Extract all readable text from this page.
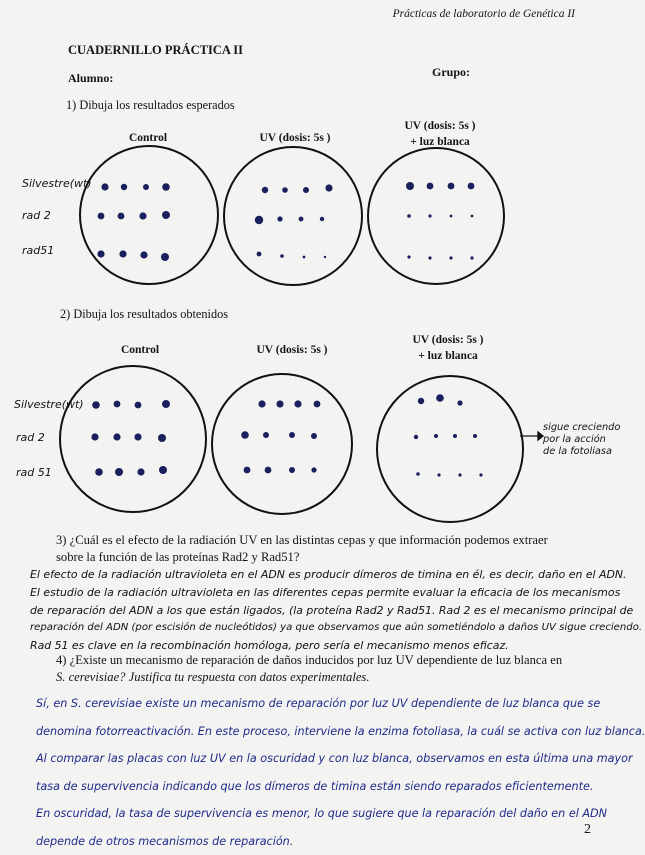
Prácticas de laboratorio de Genética II
CUADERNILLO PRÁCTICA II
Alumno:	Grupo:
1) Dibuja los resultados esperados
Control	UV (dosis: 5s )
UV (dosis: 5s )
+ luz blanca
Silvestre(wt)
rad 2
rad51
2) Dibuja los resultados obtenidos
Control	UV (dosis: 5s )
UV (dosis: 5s )
+ luz blanca
Silvestre(wt)
rad 2
rad 51
sigue creciendo
por la acción
de la fotoliasa
3) ¿Cuál es el efecto de la radiación UV en las distintas cepas y que información podemos extraer
sobre la función de las proteínas Rad2 y Rad51?
El efecto de la radiación ultravioleta en el ADN es producir dímeros de timina en él, es decir, daño en el ADN.
El estudio de la radiación ultravioleta en las diferentes cepas permite evaluar la eficacia de los mecanismos
de reparación del ADN a los que están ligados, (la proteína Rad2 y Rad51. Rad 2 es el mecanismo principal de
reparación del ADN (por escisión de nucleótidos) ya que observamos que aún sometiéndolo a daños UV sigue creciendo.
Rad 51 es clave en la recombinación homóloga, pero sería el mecanismo menos eficaz.
4) ¿Existe un mecanismo de reparación de daños inducidos por luz UV dependiente de luz blanca en
S. cerevisiae? Justifica tu respuesta con datos experimentales.
Sí, en S. cerevisiae existe un mecanismo de reparación por luz UV dependiente de luz blanca que se
denomina fotorreactivación. En este proceso, interviene la enzima fotoliasa, la cuál se activa con luz blanca.
Al comparar las placas con luz UV en la oscuridad y con luz blanca, observamos en esta última una mayor
tasa de supervivencia indicando que los dímeros de timina están siendo reparados eficientemente.
En oscuridad, la tasa de supervivencia es menor, lo que sugiere que la reparación del daño en el ADN
depende de otros mecanismos de reparación.
2
